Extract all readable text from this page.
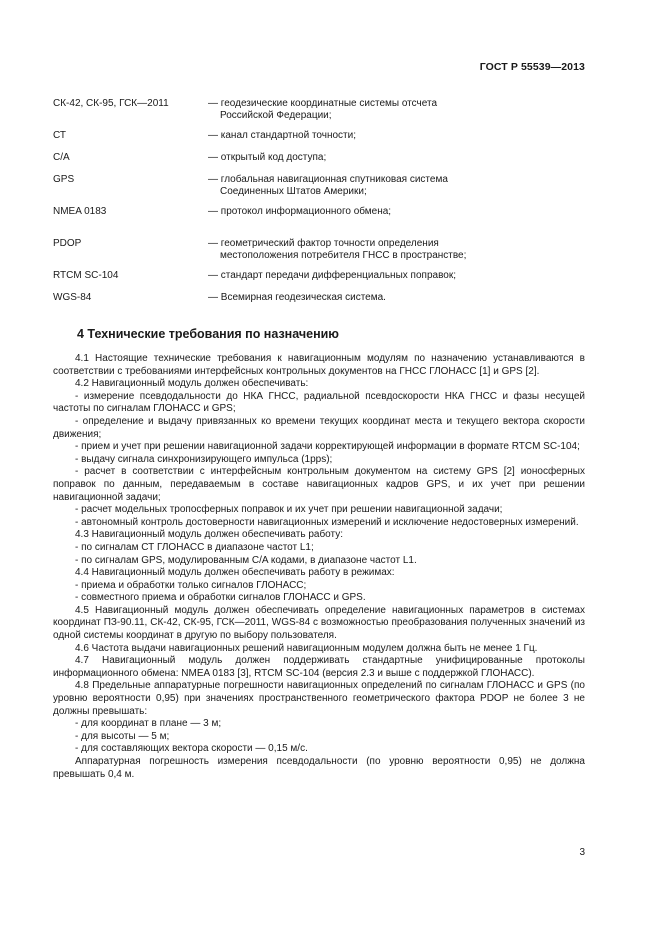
ГОСТ Р 55539—2013
СК-42, СК-95, ГСК—2011	— геодезические координатные системы отсчета
Российской Федерации;
СТ	— канал стандартной точности;
C/A	— открытый код доступа;
GPS	— глобальная навигационная спутниковая система
Соединенных Штатов Америки;
NMEA 0183	— протокол информационного обмена;
PDOP	— геометрический фактор точности определения
местоположения потребителя ГНСС в пространстве;
RTCM SC-104	— стандарт передачи дифференциальных поправок;
WGS-84	— Всемирная геодезическая система.
4 Технические требования по назначению

4.1 Настоящие технические требования к навигационным модулям по назначению устанавливаются в соответствии с требованиями интерфейсных контрольных документов на ГНСС ГЛОНАСС [1] и GPS [2].

4.2 Навигационный модуль должен обеспечивать:

- измерение псевдодальности до НКА ГНСС, радиальной псевдоскорости НКА ГНСС и фазы несущей частоты по сигналам ГЛОНАСС и GPS;

- определение и выдачу привязанных ко времени текущих координат места и текущего вектора скорости движения;

- прием и учет при решении навигационной задачи корректирующей информации в формате RTCM SC-104;

- выдачу сигнала синхронизирующего импульса (1pps);

- расчет в соответствии с интерфейсным контрольным документом на систему GPS [2] ионосферных поправок по данным, передаваемым в составе навигационных кадров GPS, и их учет при решении навигационной задачи;

- расчет модельных тропосферных поправок и их учет при решении навигационной задачи;

- автономный контроль достоверности навигационных измерений и исключение недостоверных измерений.

4.3 Навигационный модуль должен обеспечивать работу:

- по сигналам СТ ГЛОНАСС в диапазоне частот L1;

- по сигналам GPS, модулированным C/A кодами, в диапазоне частот L1.

4.4 Навигационный модуль должен обеспечивать работу в режимах:

- приема и обработки только сигналов ГЛОНАСС;

- совместного приема и обработки сигналов ГЛОНАСС и GPS.

4.5 Навигационный модуль должен обеспечивать определение навигационных параметров в системах координат ПЗ-90.11, СК-42, СК-95, ГСК—2011, WGS-84 с возможностью преобразования полученных значений из одной системы координат в другую по выбору пользователя.

4.6 Частота выдачи навигационных решений навигационным модулем должна быть не менее 1 Гц.

4.7 Навигационный модуль должен поддерживать стандартные унифицированные протоколы информационного обмена: NMEA 0183 [3], RTCM SC-104 (версия 2.3 и выше с поддержкой ГЛОНАСС).

4.8 Предельные аппаратурные погрешности навигационных определений по сигналам ГЛОНАСС и GPS (по уровню вероятности 0,95) при значениях пространственного геометрического фактора PDOP не более 3 не должны превышать:

- для координат в плане — 3 м;

- для высоты — 5 м;

- для составляющих вектора скорости — 0,15 м/с.

Аппаратурная погрешность измерения псевдодальности (по уровню вероятности 0,95) не должна превышать 0,4 м.

3
